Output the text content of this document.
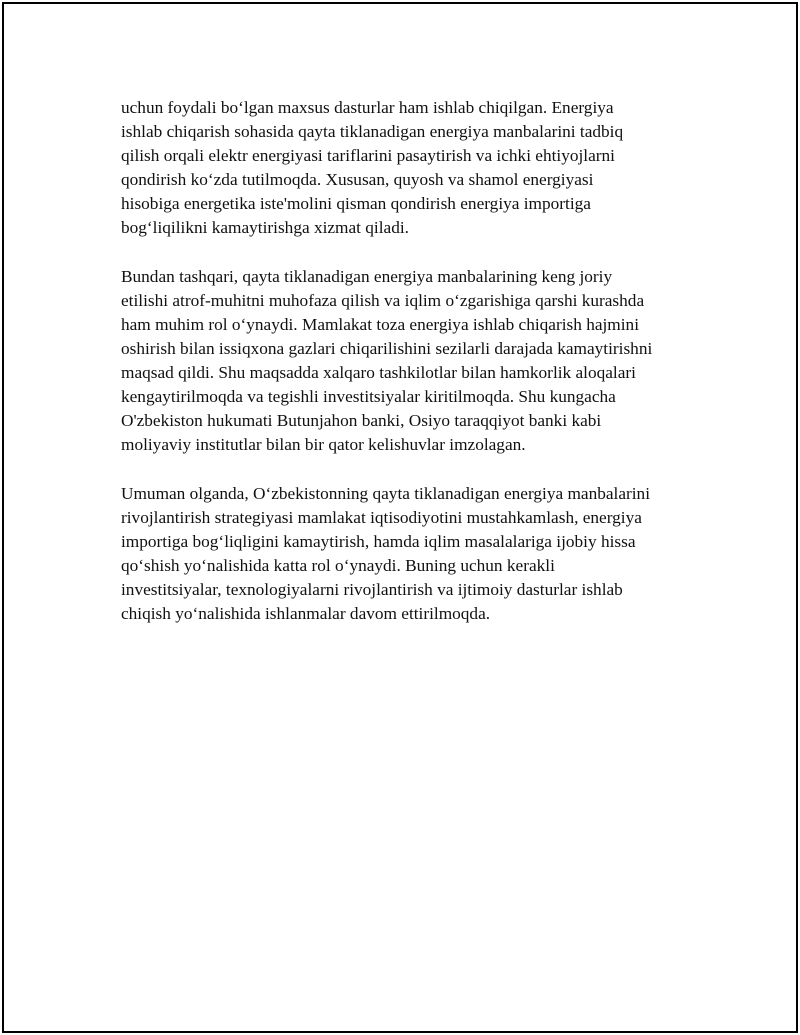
uchun foydali bo‘lgan maxsus dasturlar ham ishlab chiqilgan. Energiya
ishlab chiqarish sohasida qayta tiklanadigan energiya manbalarini tadbiq
qilish orqali elektr energiyasi tariflarini pasaytirish va ichki ehtiyojlarni
qondirish ko‘zda tutilmoqda. Xususan, quyosh va shamol energiyasi
hisobiga energetika iste'molini qisman qondirish energiya importiga
bog‘liqilikni kamaytirishga xizmat qiladi.

Bundan tashqari, qayta tiklanadigan energiya manbalarining keng joriy
etilishi atrof-muhitni muhofaza qilish va iqlim o‘zgarishiga qarshi kurashda
ham muhim rol o‘ynaydi. Mamlakat toza energiya ishlab chiqarish hajmini
oshirish bilan issiqxona gazlari chiqarilishini sezilarli darajada kamaytirishni
maqsad qildi. Shu maqsadda xalqaro tashkilotlar bilan hamkorlik aloqalari
kengaytirilmoqda va tegishli investitsiyalar kiritilmoqda. Shu kungacha
O'zbekiston hukumati Butunjahon banki, Osiyo taraqqiyot banki kabi
moliyaviy institutlar bilan bir qator kelishuvlar imzolagan.

Umuman olganda, O‘zbekistonning qayta tiklanadigan energiya manbalarini
rivojlantirish strategiyasi mamlakat iqtisodiyotini mustahkamlash, energiya
importiga bog‘liqligini kamaytirish, hamda iqlim masalalariga ijobiy hissa
qo‘shish yo‘nalishida katta rol o‘ynaydi. Buning uchun kerakli
investitsiyalar, texnologiyalarni rivojlantirish va ijtimoiy dasturlar ishlab
chiqish yo‘nalishida ishlanmalar davom ettirilmoqda.
